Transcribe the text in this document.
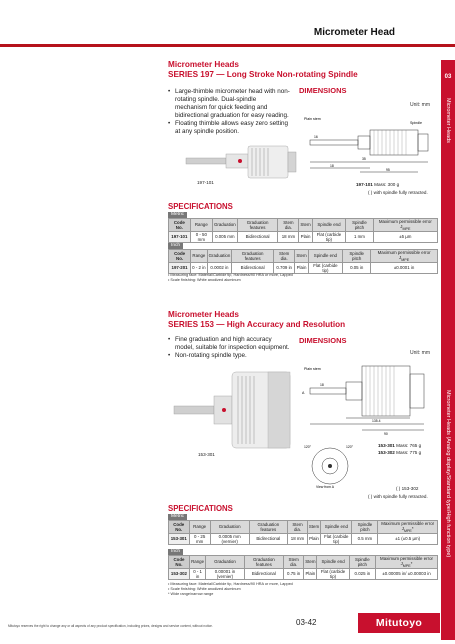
Micrometer Head
03
Micrometer Heads
Micrometer Heads (Analog display/Standard type/High function type)
Micrometer Heads
SERIES 197 — Long Stroke Non-rotating Spindle
• Large-thimble micrometer head with non-rotating spindle. Dual-spindle mechanism for quick feeding and bidirectional graduation for easy reading.
• Floating thimble allows easy zero setting at any spindle position.
197-101
DIMENSIONS
Unit: mm
Plain stem
Spindle
16
35
18
95
197-101 Mass: 300 g
( ) with spindle fully retracted.
SPECIFICATIONS
Metric
Code No.	Range	Graduation	Graduation features	Stem dia.	Stem	Spindle end	Spindle pitch	Maximum permissible error $J_{MPE}$
197-101	0 - 50 mm	0.005 mm	Bidirectional	18 mm	Plain	Flat (carbide tip)	1 mm	±5 µm
Inch
Code No.	Range	Graduation	Graduation features	Stem dia.	Stem	Spindle end	Spindle pitch	Maximum permissible error $J_{MPE}$
197-201	0 - 2 in	0.0002 in	Bidirectional	0.709 in	Plain	Flat (carbide tip)	0.05 in	±0.0001 in
• Measuring face: Material/Carbide tip, Hardness/90 HRA or more, Lapped
• Scale finishing: White anodized aluminum
Micrometer Heads
SERIES 153 — High Accuracy and Resolution
• Fine graduation and high accuracy model, suitable for inspection equipment.
• Non-rotating spindle type.
153-301
DIMENSIONS
Unit: mm
Plain stem
A
18
135.4
90
120°	120°
View from A
153-301 Mass: 765 g
153-302 Mass: 775 g
( ) 153-302
( ) with spindle fully retracted.
SPECIFICATIONS
Metric
Code No.	Range	Graduation	Graduation features	Stem dia.	Stem	Spindle end	Spindle pitch	Maximum permissible error $J_{MPE}*$
153-301	0 - 25 mm	0.0005 mm (vernier)	Bidirectional	18 mm	Plain	Flat (carbide tip)	0.5 mm	±1 (±0.5 µm)
Inch
Code No.	Range	Graduation	Graduation features	Stem dia.	Stem	Spindle end	Spindle pitch	Maximum permissible error $J_{MPE}*$
153-302	0 - 1 in	0.00001 in (vernier)	Bidirectional	0.75 in	Plain	Flat (carbide tip)	0.025 in	±0.00005 in/ ±0.00003 in
• Measuring face: Material/Carbide tip, Hardness/90 HRA or more, Lapped
• Scale finishing: White anodized aluminum
* Wide range/narrow range
Mitutoyo reserves the right to change any or all aspects of any product specification, including prices, designs and service content, without notice.	03-42	Mitutoyo
